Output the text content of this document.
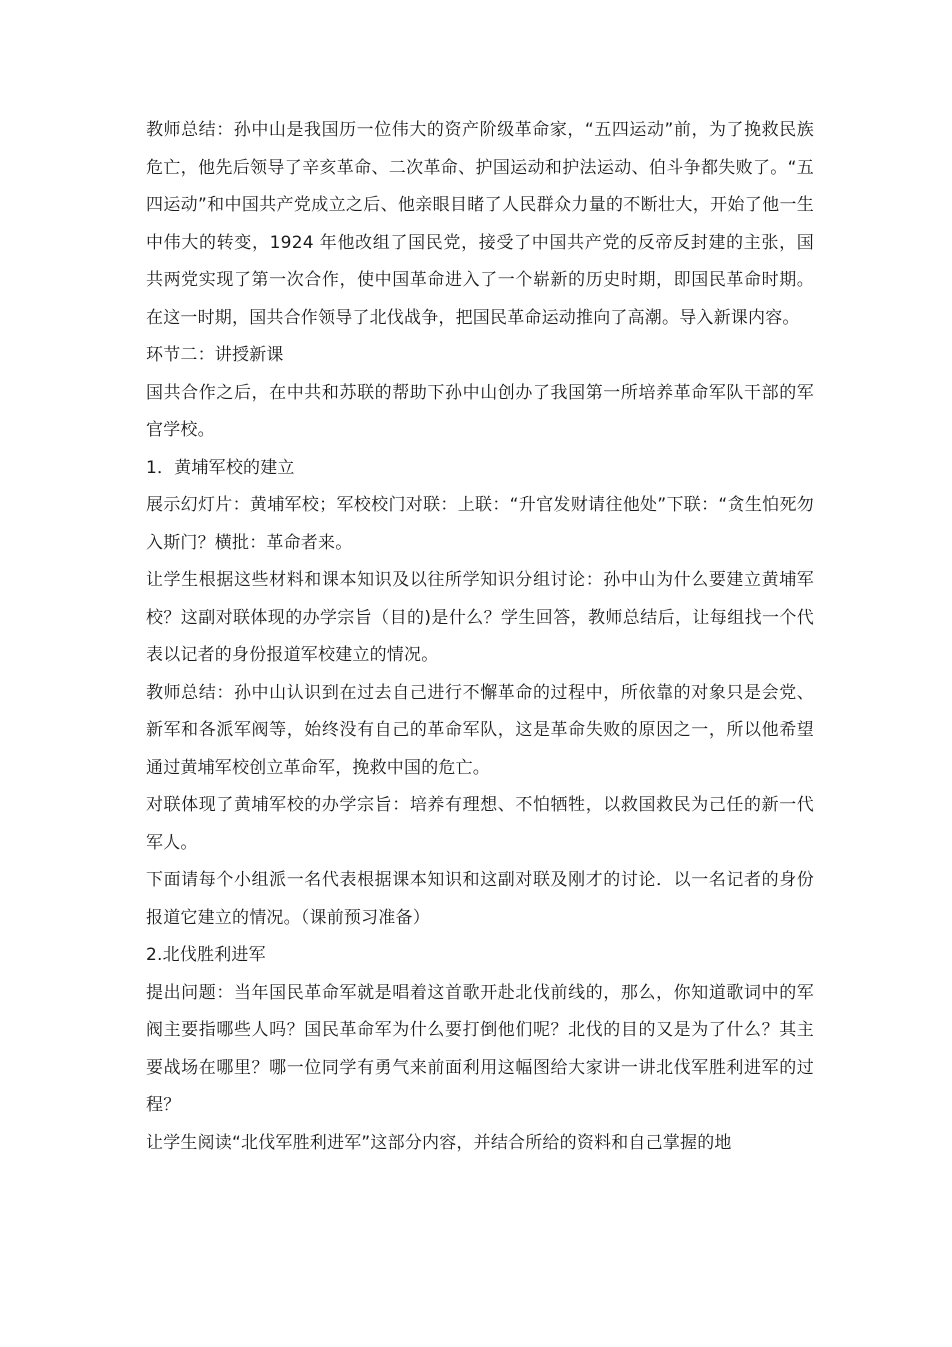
教师总结：孙中山是我国历一位伟大的资产阶级革命家，“五四运动”前，为了挽救民族危亡，他先后领导了辛亥革命、二次革命、护国运动和护法运动、伯斗争都失败了。“五四运动”和中国共产党成立之后、他亲眼目睹了人民群众力量的不断壮大，开始了他一生中伟大的转变，1924 年他改组了国民党，接受了中国共产党的反帝反封建的主张，国共两党实现了第一次合作，使中国革命进入了一个崭新的历史时期，即国民革命时期。在这一时期，国共合作领导了北伐战争，把国民革命运动推向了高潮。导入新课内容。

环节二：讲授新课

国共合作之后，在中共和苏联的帮助下孙中山创办了我国第一所培养革命军队干部的军官学校。

1．黄埔军校的建立

展示幻灯片：黄埔军校；军校校门对联：上联：“升官发财请往他处”下联：“贪生怕死勿入斯门？横批：革命者来。

让学生根据这些材料和课本知识及以往所学知识分组讨论：孙中山为什么要建立黄埔军校？这副对联体现的办学宗旨（目的)是什么？学生回答，教师总结后，让每组找一个代表以记者的身份报道军校建立的情况。

教师总结：孙中山认识到在过去自己进行不懈革命的过程中，所依靠的对象只是会党、新军和各派军阀等，始终没有自己的革命军队，这是革命失败的原因之一，所以他希望通过黄埔军校创立革命军，挽救中国的危亡。

对联体现了黄埔军校的办学宗旨：培养有理想、不怕牺牲，以救国救民为己任的新一代军人。

下面请每个小组派一名代表根据课本知识和这副对联及刚才的讨论．以一名记者的身份报道它建立的情况。（课前预习准备）

2.北伐胜利进军

提出问题：当年国民革命军就是唱着这首歌开赴北伐前线的，那么，你知道歌词中的军阀主要指哪些人吗？国民革命军为什么要打倒他们呢？北伐的目的又是为了什么？其主要战场在哪里？哪一位同学有勇气来前面利用这幅图给大家讲一讲北伐军胜利进军的过程？

让学生阅读“北伐军胜利进军”这部分内容，并结合所给的资料和自己掌握的地
